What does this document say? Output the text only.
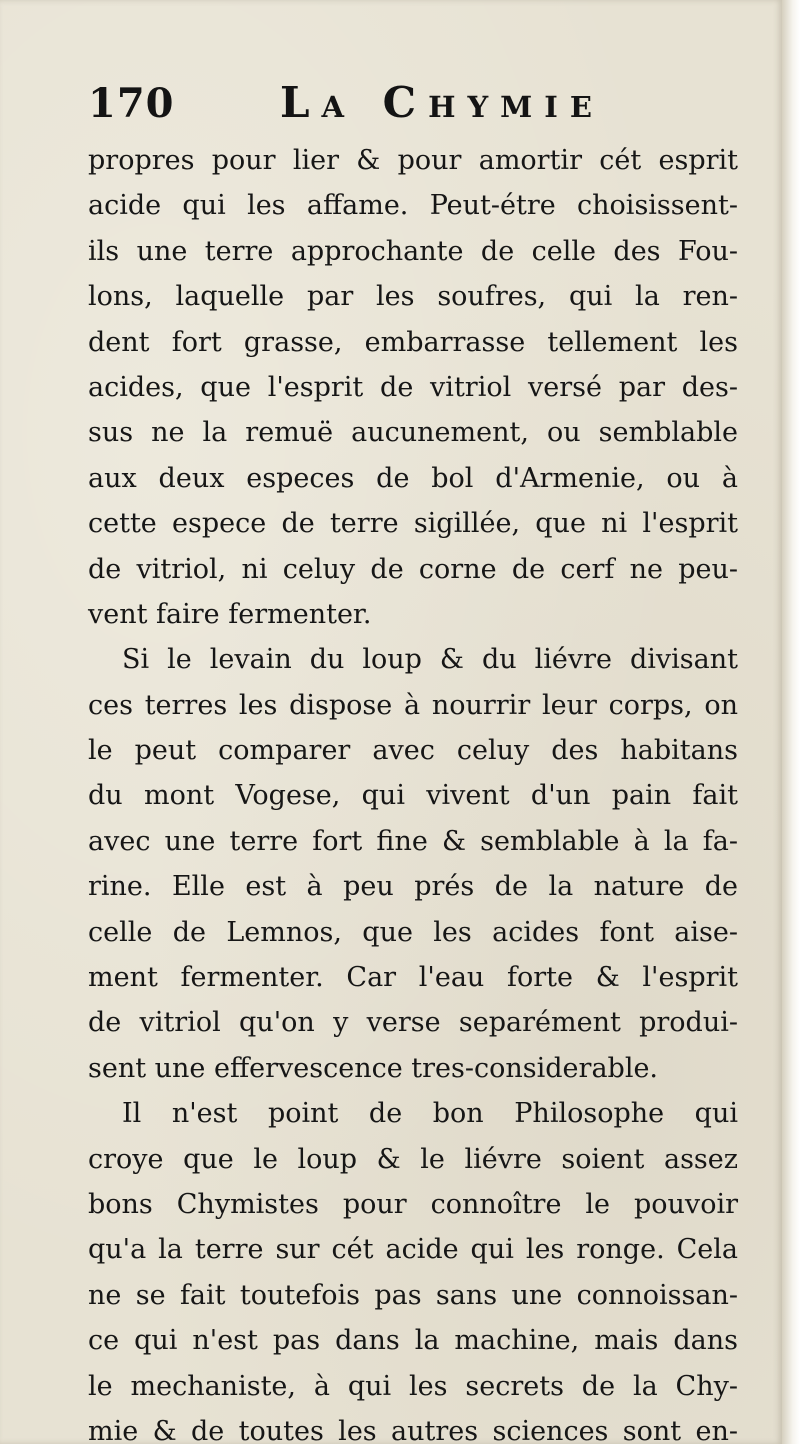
170	La Chymie
propres pour lier & pour amortir cét esprit
acide qui les affame. Peut-étre choisissent-
ils une terre approchante de celle des Fou-
lons, laquelle par les soufres, qui la ren-
dent fort grasse, embarrasse tellement les
acides, que l'esprit de vitriol versé par des-
sus ne la remuë aucunement, ou semblable
aux deux especes de bol d'Armenie, ou à
cette espece de terre sigillée, que ni l'esprit
de vitriol, ni celuy de corne de cerf ne peu-
vent faire fermenter.
Si le levain du loup & du liévre divisant
ces terres les dispose à nourrir leur corps, on
le peut comparer avec celuy des habitans
du mont Vogese, qui vivent d'un pain fait
avec une terre fort fine & semblable à la fa-
rine. Elle est à peu prés de la nature de
celle de Lemnos, que les acides font aise-
ment fermenter. Car l'eau forte & l'esprit
de vitriol qu'on y verse separément produi-
sent une effervescence tres-considerable.
Il n'est point de bon Philosophe qui
croye que le loup & le liévre soient assez
bons Chymistes pour connoître le pouvoir
qu'a la terre sur cét acide qui les ronge. Cela
ne se fait toutefois pas sans une connoissan-
ce qui n'est pas dans la machine, mais dans
le mechaniste, à qui les secrets de la Chy-
mie & de toutes les autres sciences sont en-
